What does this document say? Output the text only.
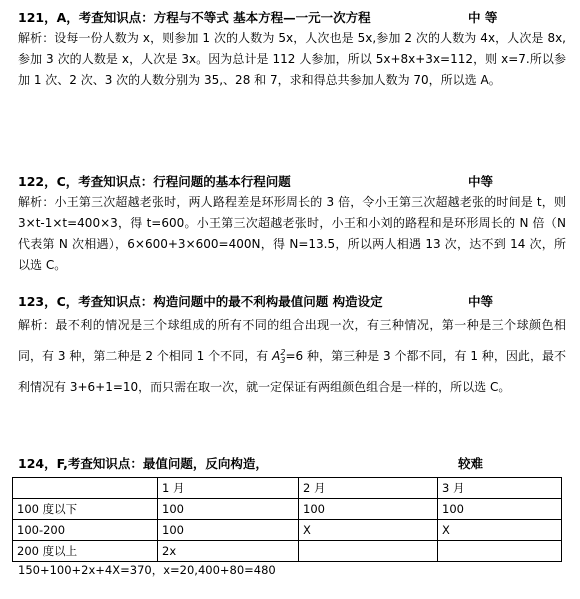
121，A，考查知识点：方程与不等式 基本方程—一元一次方程	中 等

解析：设每一份人数为 x，则参加 1 次的人数为 5x，人次也是 5x,参加 2 次的人数为 4x，人次是 8x,参加 3 次的人数是 x，人次是 3x。因为总计是 112 人参加，所以 5x+8x+3x=112，则 x=7.所以参加 1 次、2 次、3 次的人数分别为 35,、28 和 7，求和得总共参加人数为 70，所以选 A。

122，C，考查知识点：行程问题的基本行程问题	中等

解析：小王第三次超越老张时，两人路程差是环形周长的 3 倍，令小王第三次超越老张的时间是 t，则 3×t-1×t=400×3，得 t=600。小王第三次超越老张时，小王和小刘的路程和是环形周长的 N 倍（N 代表第 N 次相遇），6×600+3×600=400N，得 N=13.5，所以两人相遇 13 次，达不到 14 次，所以选 C。

123，C，考查知识点：构造问题中的最不利构最值问题 构造设定	中等

解析：最不利的情况是三个球组成的所有不同的组合出现一次，有三种情况，第一种是三个球颜色相同，有 3 种，第二种是 2 个相同 1 个不同，有 $A^2_3=6$ 种，第三种是 3 个都不同，有 1 种，因此，最不利情况有 3+6+1=10，而只需在取一次，就一定保证有两组颜色组合是一样的，所以选 C。

124，F,考查知识点：最值问题，反向构造，	较难
	1 月	2 月	3 月
100 度以下	100	100	100
100-200	100	X	X
200 度以上	2x		
150+100+2x+4X=370，x=20,400+80=480
